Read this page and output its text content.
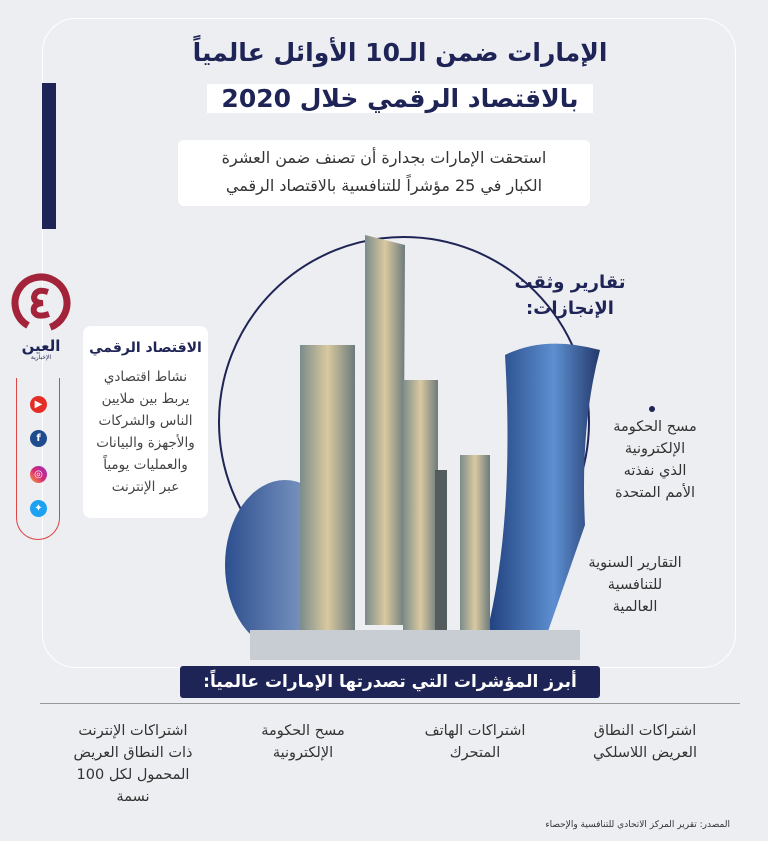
الإمارات ضمن الـ10 الأوائل عالمياً
بالاقتصاد الرقمي خلال 2020
استحقت الإمارات بجدارة أن تصنف ضمن العشرة
الكبار في 25 مؤشراً للتنافسية بالاقتصاد الرقمي
تقارير وثقت
الإنجازات:
مسح الحكومة
الإلكترونية
الذي نفذته
الأمم المتحدة
التقارير السنوية
للتنافسية
العالمية
الاقتصاد الرقمي
نشاط اقتصادي
يربط بين ملايين
الناس والشركات
والأجهزة والبيانات
والعمليات يومياً
عبر الإنترنت
أبرز المؤشرات التي تصدرتها الإمارات عالمياً:
اشتراكات النطاق
العريض اللاسلكي
اشتراكات الهاتف
المتحرك
مسح الحكومة
الإلكترونية
اشتراكات الإنترنت
ذات النطاق العريض
المحمول لكل 100
نسمة
المصدر: تقرير المركز الاتحادي للتنافسية والإحصاء
العين
الإخبارية
▶
f
◎
✦
